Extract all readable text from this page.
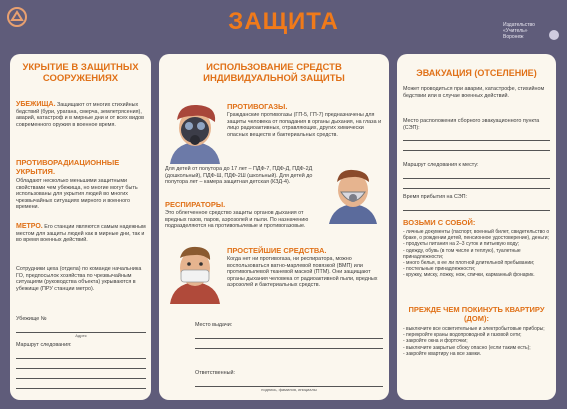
ЗАЩИТА	Издательство
«Учитель»
Воронеж
УКРЫТИЕ В ЗАЩИТНЫХ СООРУЖЕНИЯХ
УБЕЖИЩА. Защищают от многих стихийных бедствий (бури, урагана, смерча, землетрясения), аварий, катастроф и в мирные дни и от всех видов современного оружия в военное время.
ПРОТИВОРАДИАЦИОННЫЕ УКРЫТИЯ.
Обладают несколько меньшими защитными свойствами чем убежища, но многие могут быть использованы для укрытия людей во многих чрезвычайных ситуациях мирного и военного времени.
МЕТРО. Его станции являются самым надежным местом для защиты людей как в мирные дни, так и во время военных действий.
Сотрудники цеха (отдела) по команде начальника ГО, предпосылок хозяйства по чрезвычайным ситуациям (руководства объекта) укрываются в убежище (ПРУ станции метро).
Убежище №
Адрес
Маршрут следования:
ИСПОЛЬЗОВАНИЕ СРЕДСТВ ИНДИВИДУАЛЬНОЙ ЗАЩИТЫ
ПРОТИВОГАЗЫ.
Гражданские противогазы (ГП-5, ГП-7) предназначены для защиты человека от попадания в органы дыхания, на глаза и лицо радиоактивных, отравляющих, других химически опасных веществ и бактериальных средств.
Для детей от полутора до 17 лет – ПДФ-7, ПДФ-Д, ПДФ-2Д (дошкольный), ПДФ-Ш, ПДФ-2Ш (школьный). Для детей до полутора лет – камера защитная детская (КЗД-4).
РЕСПИРАТОРЫ.
Это облегченное средство защиты органов дыхания от вредных газов, паров, аэрозолей и пыли. По назначению подразделяются на противопылевые и противогазовые.
ПРОСТЕЙШИЕ СРЕДСТВА.
Когда нет ни противогаза, ни респиратора, можно воспользоваться ватно-марлевой повязкой (ВМП) или противопылевой тканевой маской (ПТМ). Они защищают органы дыхания человека от радиоактивной пыли, вредных аэрозолей и бактериальных средств.
Место выдачи:
Ответственный:
подпись, фамилия, инициалы
ЭВАКУАЦИЯ (ОТСЕЛЕНИЕ)
Может проводиться при аварии, катастрофе, стихийном бедствии или в случае военных действий.
Место расположения сборного эвакуационного пункта (СЭП):
Маршрут следования к месту:
Время прибытия на СЭП:
ВОЗЬМИ С СОБОЙ:
- личные документы (паспорт, военный билет, свидетельство о браке, о рождении детей, пенсионное удостоверение), деньги;
- продукты питания на 2–3 суток и питьевую воду;
- одежду, обувь (в том числе и теплую), туалетные принадлежности;
- много белья, в ее ли плотной длительной пребывании;
- постельные принадлежности;
- кружку, миску, ложку, нож, спички, карманный фонарик.
ПРЕЖДЕ ЧЕМ ПОКИНУТЬ КВАРТИРУ (ДОМ):
- выключите все осветительные и электробытовые приборы;
- перекройте краны водопроводной и газовой сети;
- закройте окна и форточки;
- выключите закрытые сбоку опасно (если таким есть);
- закройте квартиру на все замки.
